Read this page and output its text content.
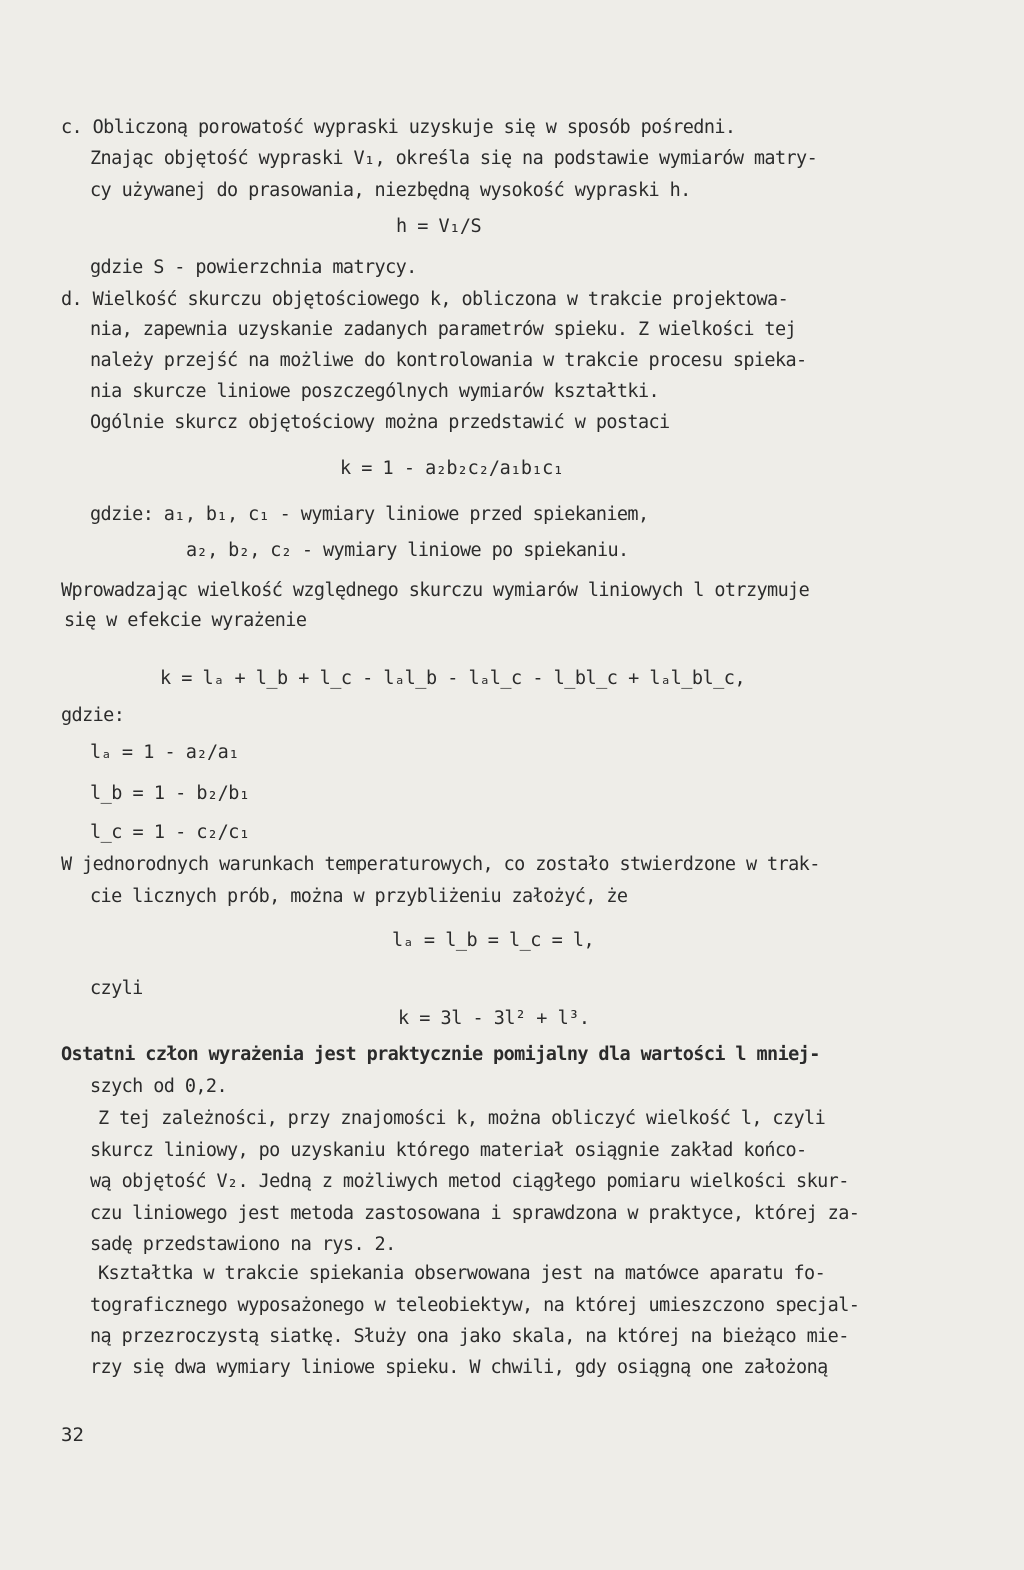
c. Obliczoną porowatość wypraski uzyskuje się w sposób pośredni.
Znając objętość wypraski V₁, określa się na podstawie wymiarów matry-
cy używanej do prasowania, niezbędną wysokość wypraski h.
h = V₁/S
gdzie S - powierzchnia matrycy.
d. Wielkość skurczu objętościowego k, obliczona w trakcie projektowa-
nia, zapewnia uzyskanie zadanych parametrów spieku. Z wielkości tej
należy przejść na możliwe do kontrolowania w trakcie procesu spieka-
nia skurcze liniowe poszczególnych wymiarów kształtki.
Ogólnie skurcz objętościowy można przedstawić w postaci
k = 1 - a₂b₂c₂/a₁b₁c₁
gdzie: a₁, b₁, c₁ - wymiary liniowe przed spiekaniem,
a₂, b₂, c₂ - wymiary liniowe po spiekaniu.
Wprowadzając wielkość względnego skurczu wymiarów liniowych l otrzymuje
się w efekcie wyrażenie
k = lₐ + l_b + l_c - lₐl_b - lₐl_c - l_bl_c + lₐl_bl_c,
gdzie:
lₐ = 1 - a₂/a₁
l_b = 1 - b₂/b₁
l_c = 1 - c₂/c₁
W jednorodnych warunkach temperaturowych, co zostało stwierdzone w trak-
cie licznych prób, można w przybliżeniu założyć, że
lₐ = l_b = l_c = l,
czyli
k = 3l - 3l² + l³.
Ostatni człon wyrażenia jest praktycznie pomijalny dla wartości l mniej-
szych od 0,2.
Z tej zależności, przy znajomości k, można obliczyć wielkość l, czyli
skurcz liniowy, po uzyskaniu którego materiał osiągnie zakład końco-
wą objętość V₂. Jedną z możliwych metod ciągłego pomiaru wielkości skur-
czu liniowego jest metoda zastosowana i sprawdzona w praktyce, której za-
sadę przedstawiono na rys. 2.
Kształtka w trakcie spiekania obserwowana jest na matówce aparatu fo-
tograficznego wyposażonego w teleobiektyw, na której umieszczono specjal-
ną przezroczystą siatkę. Służy ona jako skala, na której na bieżąco mie-
rzy się dwa wymiary liniowe spieku. W chwili, gdy osiągną one założoną
32
